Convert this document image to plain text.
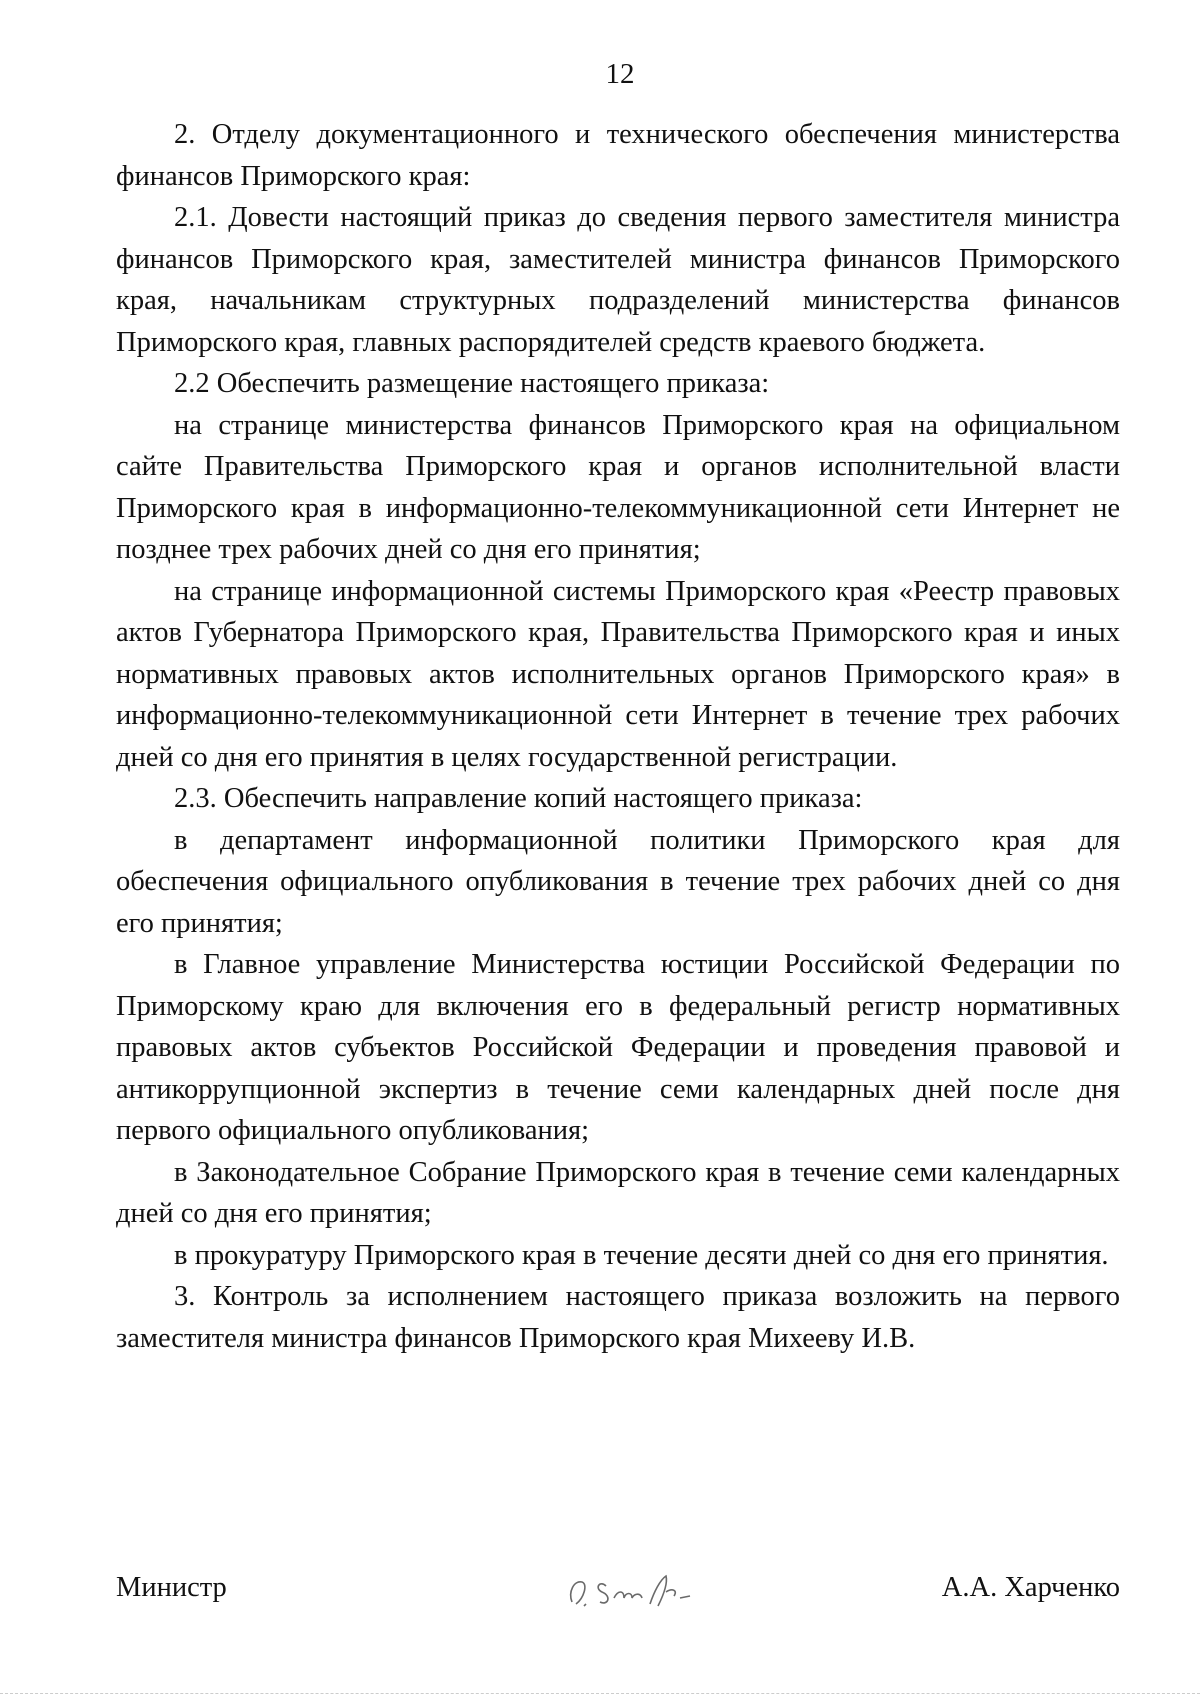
12

2. Отделу документационного и технического обеспечения министерства финансов Приморского края:

2.1. Довести настоящий приказ до сведения первого заместителя министра финансов Приморского края, заместителей министра финансов Приморского края, начальникам структурных подразделений министерства финансов Приморского края, главных распорядителей средств краевого бюджета.

2.2 Обеспечить размещение настоящего приказа:

на странице министерства финансов Приморского края на официальном сайте Правительства Приморского края и органов исполнительной власти Приморского края в информационно-телекоммуникационной сети Интернет не позднее трех рабочих дней со дня его принятия;

на странице информационной системы Приморского края «Реестр правовых актов Губернатора Приморского края, Правительства Приморского края и иных нормативных правовых актов исполнительных органов Приморского края» в информационно-телекоммуникационной сети Интернет в течение трех рабочих дней со дня его принятия в целях государственной регистрации.

2.3. Обеспечить направление копий настоящего приказа:

в департамент информационной политики Приморского края для обеспечения официального опубликования в течение трех рабочих дней со дня его принятия;

в Главное управление Министерства юстиции Российской Федерации по Приморскому краю для включения его в федеральный регистр нормативных правовых актов субъектов Российской Федерации и проведения правовой и антикоррупционной экспертиз в течение семи календарных дней после дня первого официального опубликования;

в Законодательное Собрание Приморского края в течение семи календарных дней со дня его принятия;

в прокуратуру Приморского края в течение десяти дней со дня его принятия.

3. Контроль за исполнением настоящего приказа возложить на первого заместителя министра финансов Приморского края Михееву И.В.

Министр	А.А. Харченко
